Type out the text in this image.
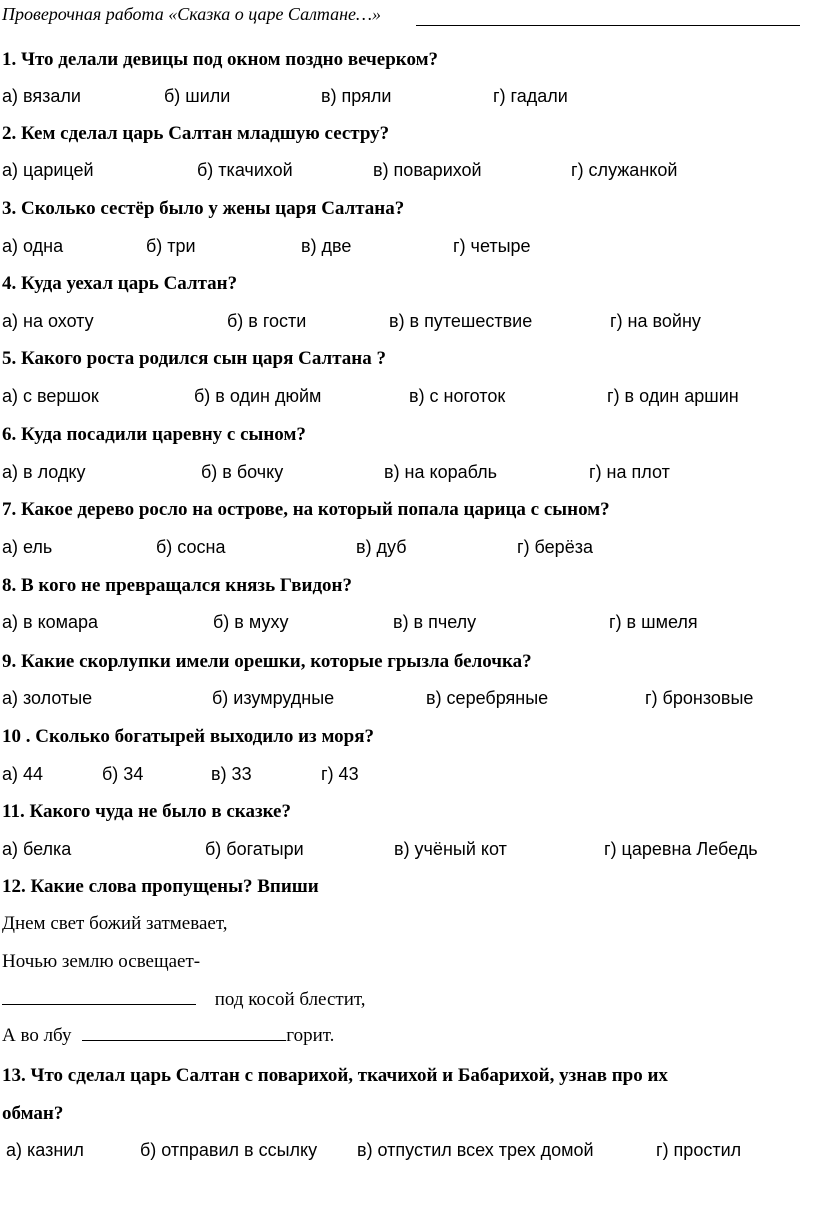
Проверочная работа «Сказка о царе Салтане…»
1. Что делали девицы под окном поздно вечерком?
а) вязали	б) шили	в) пряли	г) гадали
2. Кем сделал царь Салтан младшую сестру?
а) царицей	б) ткачихой	в) поварихой	г) служанкой
3. Сколько сестёр было у жены царя Салтана?
а) одна	б) три	в) две	г) четыре
4. Куда уехал царь Салтан?
а) на охоту	б) в гости	в) в путешествие	г) на войну
5. Какого роста родился сын царя Салтана ?
а) с вершок	б) в один дюйм	в) с ноготок	г) в один аршин
6. Куда посадили царевну с сыном?
а) в лодку	б) в бочку	в) на корабль	г) на плот
7. Какое дерево росло на острове, на который попала царица с сыном?
а) ель	б) сосна	в) дуб	г) берёза
8. В кого не превращался князь Гвидон?
а) в комара	б) в муху	в) в пчелу	г) в шмеля
9. Какие скорлупки имели орешки, которые грызла белочка?
а) золотые	б) изумрудные	в) серебряные	г) бронзовые
10 . Сколько богатырей выходило из моря?
а) 44	б) 34	в) 33	г) 43
11. Какого чуда не было в сказке?
а) белка	б) богатыри	в) учёный кот	г) царевна Лебедь
12. Какие слова пропущены? Впиши
Днем свет божий затмевает,
Ночью землю освещает-
под косой блестит,
А во лбу	горит.
13. Что сделал царь Салтан с поварихой, ткачихой и Бабарихой, узнав про их
обман?
а) казнил	б) отправил в ссылку в) отпустил всех трех домой	г) простил
